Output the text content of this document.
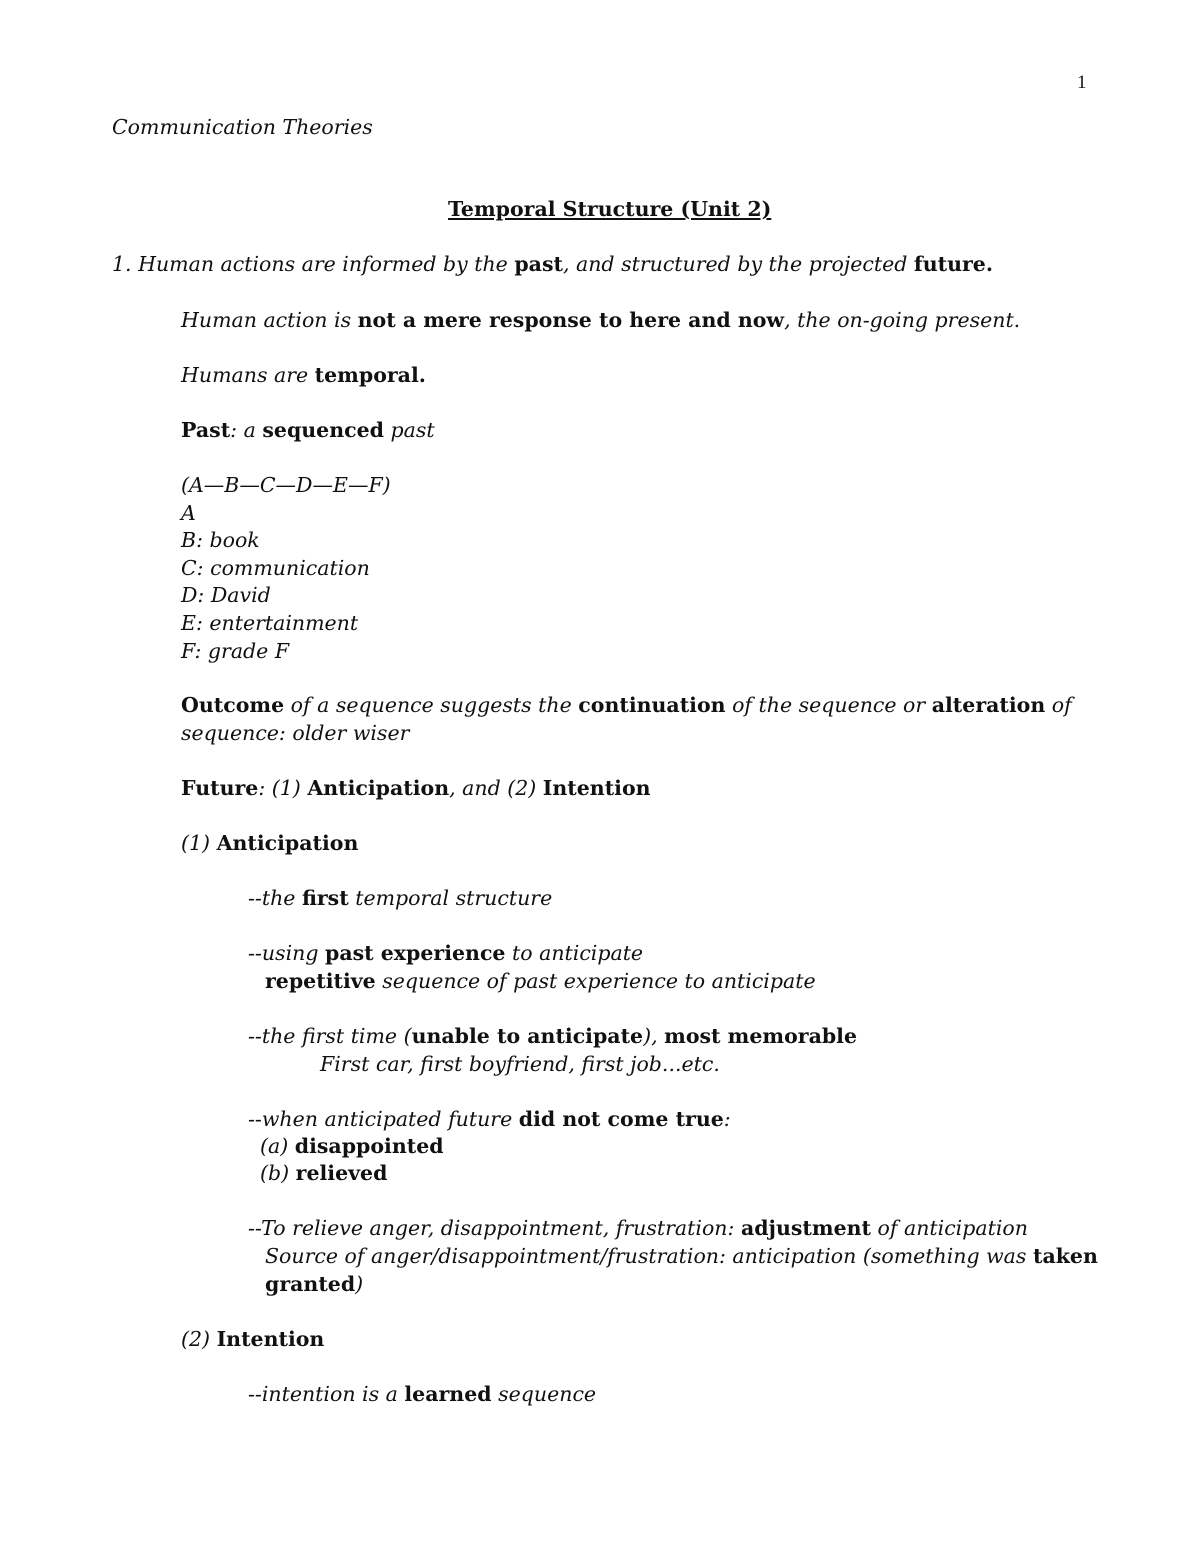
1
Communication Theories
Temporal Structure (Unit 2)
1. Human actions are informed by the past, and structured by the projected future.
Human action is not a mere response to here and now, the on-going present.
Humans are temporal.
Past: a sequenced past
(A—B—C—D—E—F)
A
B: book
C: communication
D: David
E: entertainment
F: grade F
Outcome of a sequence suggests the continuation of the sequence or alteration of
sequence: older wiser
Future: (1) Anticipation, and (2) Intention
(1) Anticipation
--the first temporal structure
--using past experience to anticipate
repetitive sequence of past experience to anticipate
--the first time (unable to anticipate), most memorable
First car, first boyfriend, first job...etc.
--when anticipated future did not come true:
(a) disappointed
(b) relieved
--To relieve anger, disappointment, frustration: adjustment of anticipation
Source of anger/disappointment/frustration: anticipation (something was taken
granted)
(2) Intention
--intention is a learned sequence
